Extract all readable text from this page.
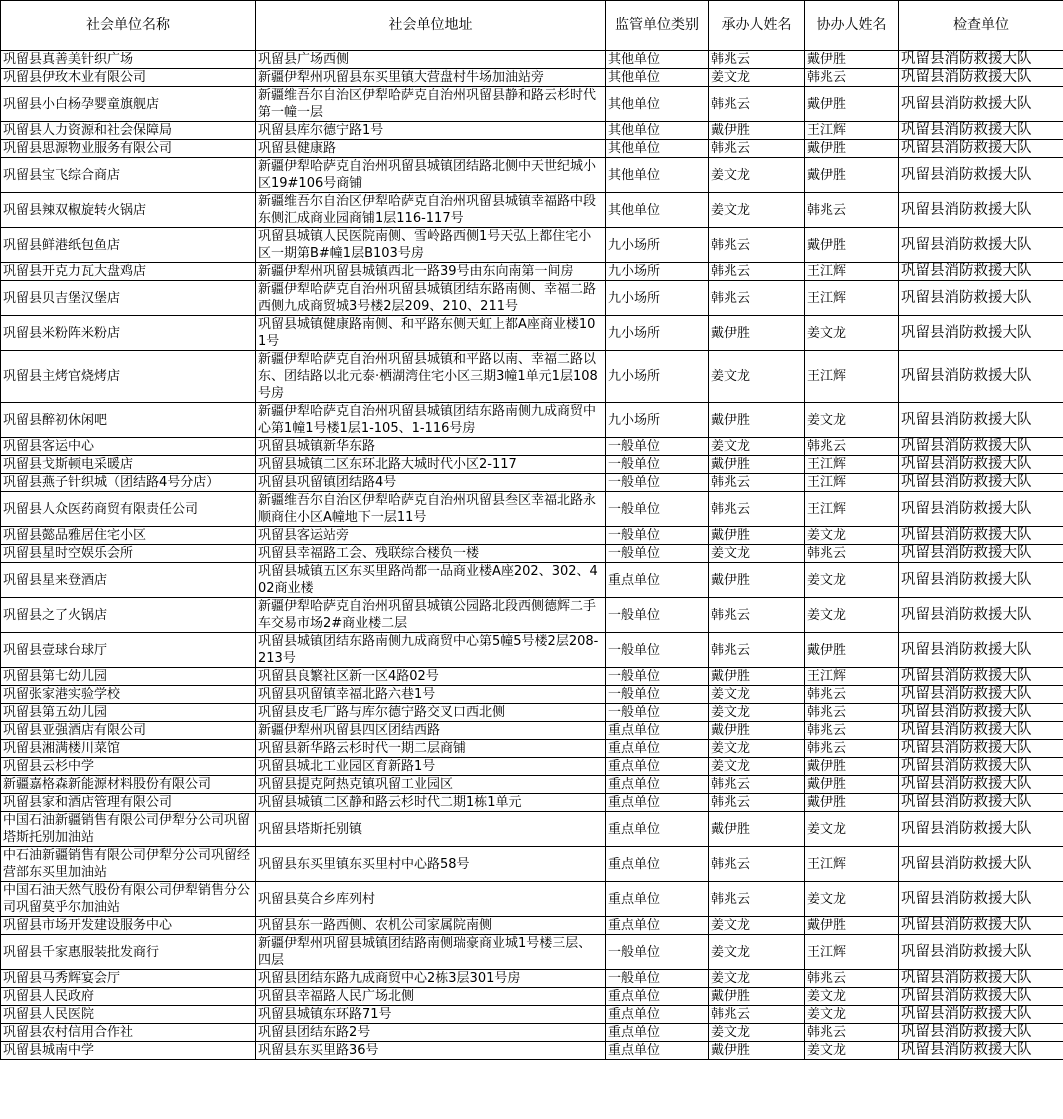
社会单位名称	社会单位地址	监管单位类别	承办人姓名	协办人姓名	检查单位
巩留县真善美针织广场	巩留县广场西侧	其他单位	韩兆云	戴伊胜	巩留县消防救援大队
巩留县伊玫木业有限公司	新疆伊犁州巩留县东买里镇大营盘村牛场加油站旁	其他单位	姜文龙	韩兆云	巩留县消防救援大队
巩留县小白杨孕婴童旗舰店	新疆维吾尔自治区伊犁哈萨克自治州巩留县静和路云杉时代第一幢一层	其他单位	韩兆云	戴伊胜	巩留县消防救援大队
巩留县人力资源和社会保障局	巩留县库尔德宁路1号	其他单位	戴伊胜	王江辉	巩留县消防救援大队
巩留县思源物业服务有限公司	巩留县健康路	其他单位	韩兆云	戴伊胜	巩留县消防救援大队
巩留县宝飞综合商店	新疆伊犁哈萨克自治州巩留县城镇团结路北侧中天世纪城小区19#106号商铺	其他单位	姜文龙	戴伊胜	巩留县消防救援大队
巩留县辣双椒旋转火锅店	新疆维吾尔自治区伊犁哈萨克自治州巩留县城镇幸福路中段东侧汇成商业园商铺1层116-117号	其他单位	姜文龙	韩兆云	巩留县消防救援大队
巩留县鲜港纸包鱼店	巩留县城镇人民医院南侧、雪岭路西侧1号天弘上都住宅小区一期第B#幢1层B103号房	九小场所	韩兆云	戴伊胜	巩留县消防救援大队
巩留县开克力瓦大盘鸡店	新疆伊犁州巩留县城镇西北一路39号由东向南第一间房	九小场所	韩兆云	王江辉	巩留县消防救援大队
巩留县贝吉堡汉堡店	新疆伊犁哈萨克自治州巩留县城镇团结东路南侧、幸福二路西侧九成商贸城3号楼2层209、210、211号	九小场所	韩兆云	王江辉	巩留县消防救援大队
巩留县米粉阵米粉店	巩留县城镇健康路南侧、和平路东侧天虹上都A座商业楼101号	九小场所	戴伊胜	姜文龙	巩留县消防救援大队
巩留县主烤官烧烤店	新疆伊犁哈萨克自治州巩留县城镇和平路以南、幸福二路以东、团结路以北元泰·栖湖湾住宅小区三期3幢1单元1层108号房	九小场所	姜文龙	王江辉	巩留县消防救援大队
巩留县醉初休闲吧	新疆伊犁哈萨克自治州巩留县城镇团结东路南侧九成商贸中心第1幢1号楼1层1-105、1-116号房	九小场所	戴伊胜	姜文龙	巩留县消防救援大队
巩留县客运中心	巩留县城镇新华东路	一般单位	姜文龙	韩兆云	巩留县消防救援大队
巩留县戈斯顿电采暖店	巩留县城镇二区东环北路大城时代小区2-117	一般单位	戴伊胜	王江辉	巩留县消防救援大队
巩留县燕子针织城（团结路4号分店）	巩留县巩留镇团结路4号	一般单位	韩兆云	王江辉	巩留县消防救援大队
巩留县人众医药商贸有限责任公司	新疆维吾尔自治区伊犁哈萨克自治州巩留县叁区幸福北路永顺商住小区A幢地下一层11号	一般单位	韩兆云	王江辉	巩留县消防救援大队
巩留县懿品雅居住宅小区	巩留县客运站旁	一般单位	戴伊胜	姜文龙	巩留县消防救援大队
巩留县星时空娱乐会所	巩留县幸福路工会、残联综合楼负一楼	一般单位	姜文龙	韩兆云	巩留县消防救援大队
巩留县星来登酒店	巩留县城镇五区东买里路尚都一品商业楼A座202、302、402商业楼	重点单位	戴伊胜	姜文龙	巩留县消防救援大队
巩留县之了火锅店	新疆伊犁哈萨克自治州巩留县城镇公园路北段西侧德辉二手车交易市场2#商业楼二层	一般单位	韩兆云	姜文龙	巩留县消防救援大队
巩留县壹球台球厅	巩留县城镇团结东路南侧九成商贸中心第5幢5号楼2层208-213号	一般单位	韩兆云	戴伊胜	巩留县消防救援大队
巩留县第七幼儿园	巩留县良繁社区新一区4路02号	一般单位	戴伊胜	王江辉	巩留县消防救援大队
巩留张家港实验学校	巩留县巩留镇幸福北路六巷1号	一般单位	姜文龙	韩兆云	巩留县消防救援大队
巩留县第五幼儿园	巩留县皮毛厂路与库尔德宁路交叉口西北侧	一般单位	姜文龙	韩兆云	巩留县消防救援大队
巩留县亚强酒店有限公司	新疆伊犁州巩留县四区团结西路	重点单位	戴伊胜	韩兆云	巩留县消防救援大队
巩留县湘满楼川菜馆	巩留县新华路云杉时代一期二层商铺	重点单位	姜文龙	韩兆云	巩留县消防救援大队
巩留县云杉中学	巩留县城北工业园区育新路1号	重点单位	姜文龙	戴伊胜	巩留县消防救援大队
新疆嘉格森新能源材料股份有限公司	巩留县提克阿热克镇巩留工业园区	重点单位	韩兆云	戴伊胜	巩留县消防救援大队
巩留县家和酒店管理有限公司	巩留县城镇二区静和路云杉时代二期1栋1单元	重点单位	韩兆云	戴伊胜	巩留县消防救援大队
中国石油新疆销售有限公司伊犁分公司巩留塔斯托别加油站	巩留县塔斯托别镇	重点单位	戴伊胜	姜文龙	巩留县消防救援大队
中石油新疆销售有限公司伊犁分公司巩留经营部东买里加油站	巩留县东买里镇东买里村中心路58号	重点单位	韩兆云	王江辉	巩留县消防救援大队
中国石油天然气股份有限公司伊犁销售分公司巩留莫乎尔加油站	巩留县莫合乡库列村	重点单位	韩兆云	姜文龙	巩留县消防救援大队
巩留县市场开发建设服务中心	巩留县东一路西侧、农机公司家属院南侧	重点单位	姜文龙	戴伊胜	巩留县消防救援大队
巩留县千家惠服装批发商行	新疆伊犁州巩留县城镇团结路南侧瑞豪商业城1号楼三层、四层	一般单位	姜文龙	王江辉	巩留县消防救援大队
巩留县马秀辉宴会厅	巩留县团结东路九成商贸中心2栋3层301号房	一般单位	姜文龙	韩兆云	巩留县消防救援大队
巩留县人民政府	巩留县幸福路人民广场北侧	重点单位	戴伊胜	姜文龙	巩留县消防救援大队
巩留县人民医院	巩留县城镇东环路71号	重点单位	韩兆云	姜文龙	巩留县消防救援大队
巩留县农村信用合作社	巩留县团结东路2号	重点单位	姜文龙	韩兆云	巩留县消防救援大队
巩留县城南中学	巩留县东买里路36号	重点单位	戴伊胜	姜文龙	巩留县消防救援大队
